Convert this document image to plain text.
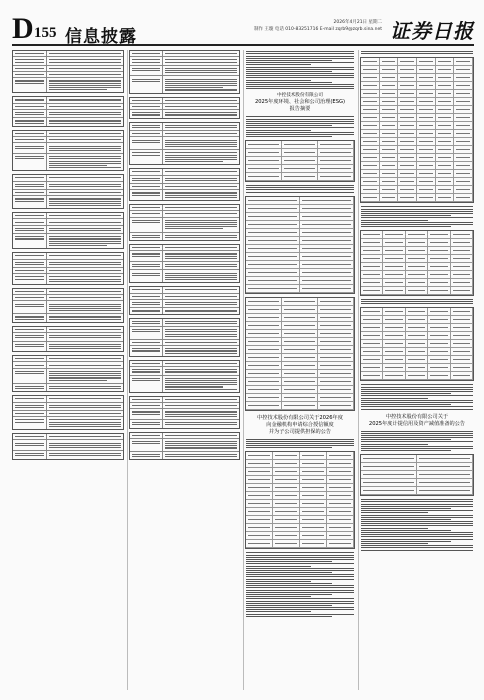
D 155 信息披露
2026年4月21日 星期二
制作 王璇 电话 010-83251716 E-mail zqrb9@zqrb.sina.net 证券日报
中控技术股份有限公司
2025年度环境、社会和公司治理(ESG)
报告摘要
中控技术股份有限公司关于2026年度
向金融机构申请综合授信额度
并为子公司提供担保的公告
中控技术股份有限公司关于
2025年度计提信用及资产减值准备的公告
